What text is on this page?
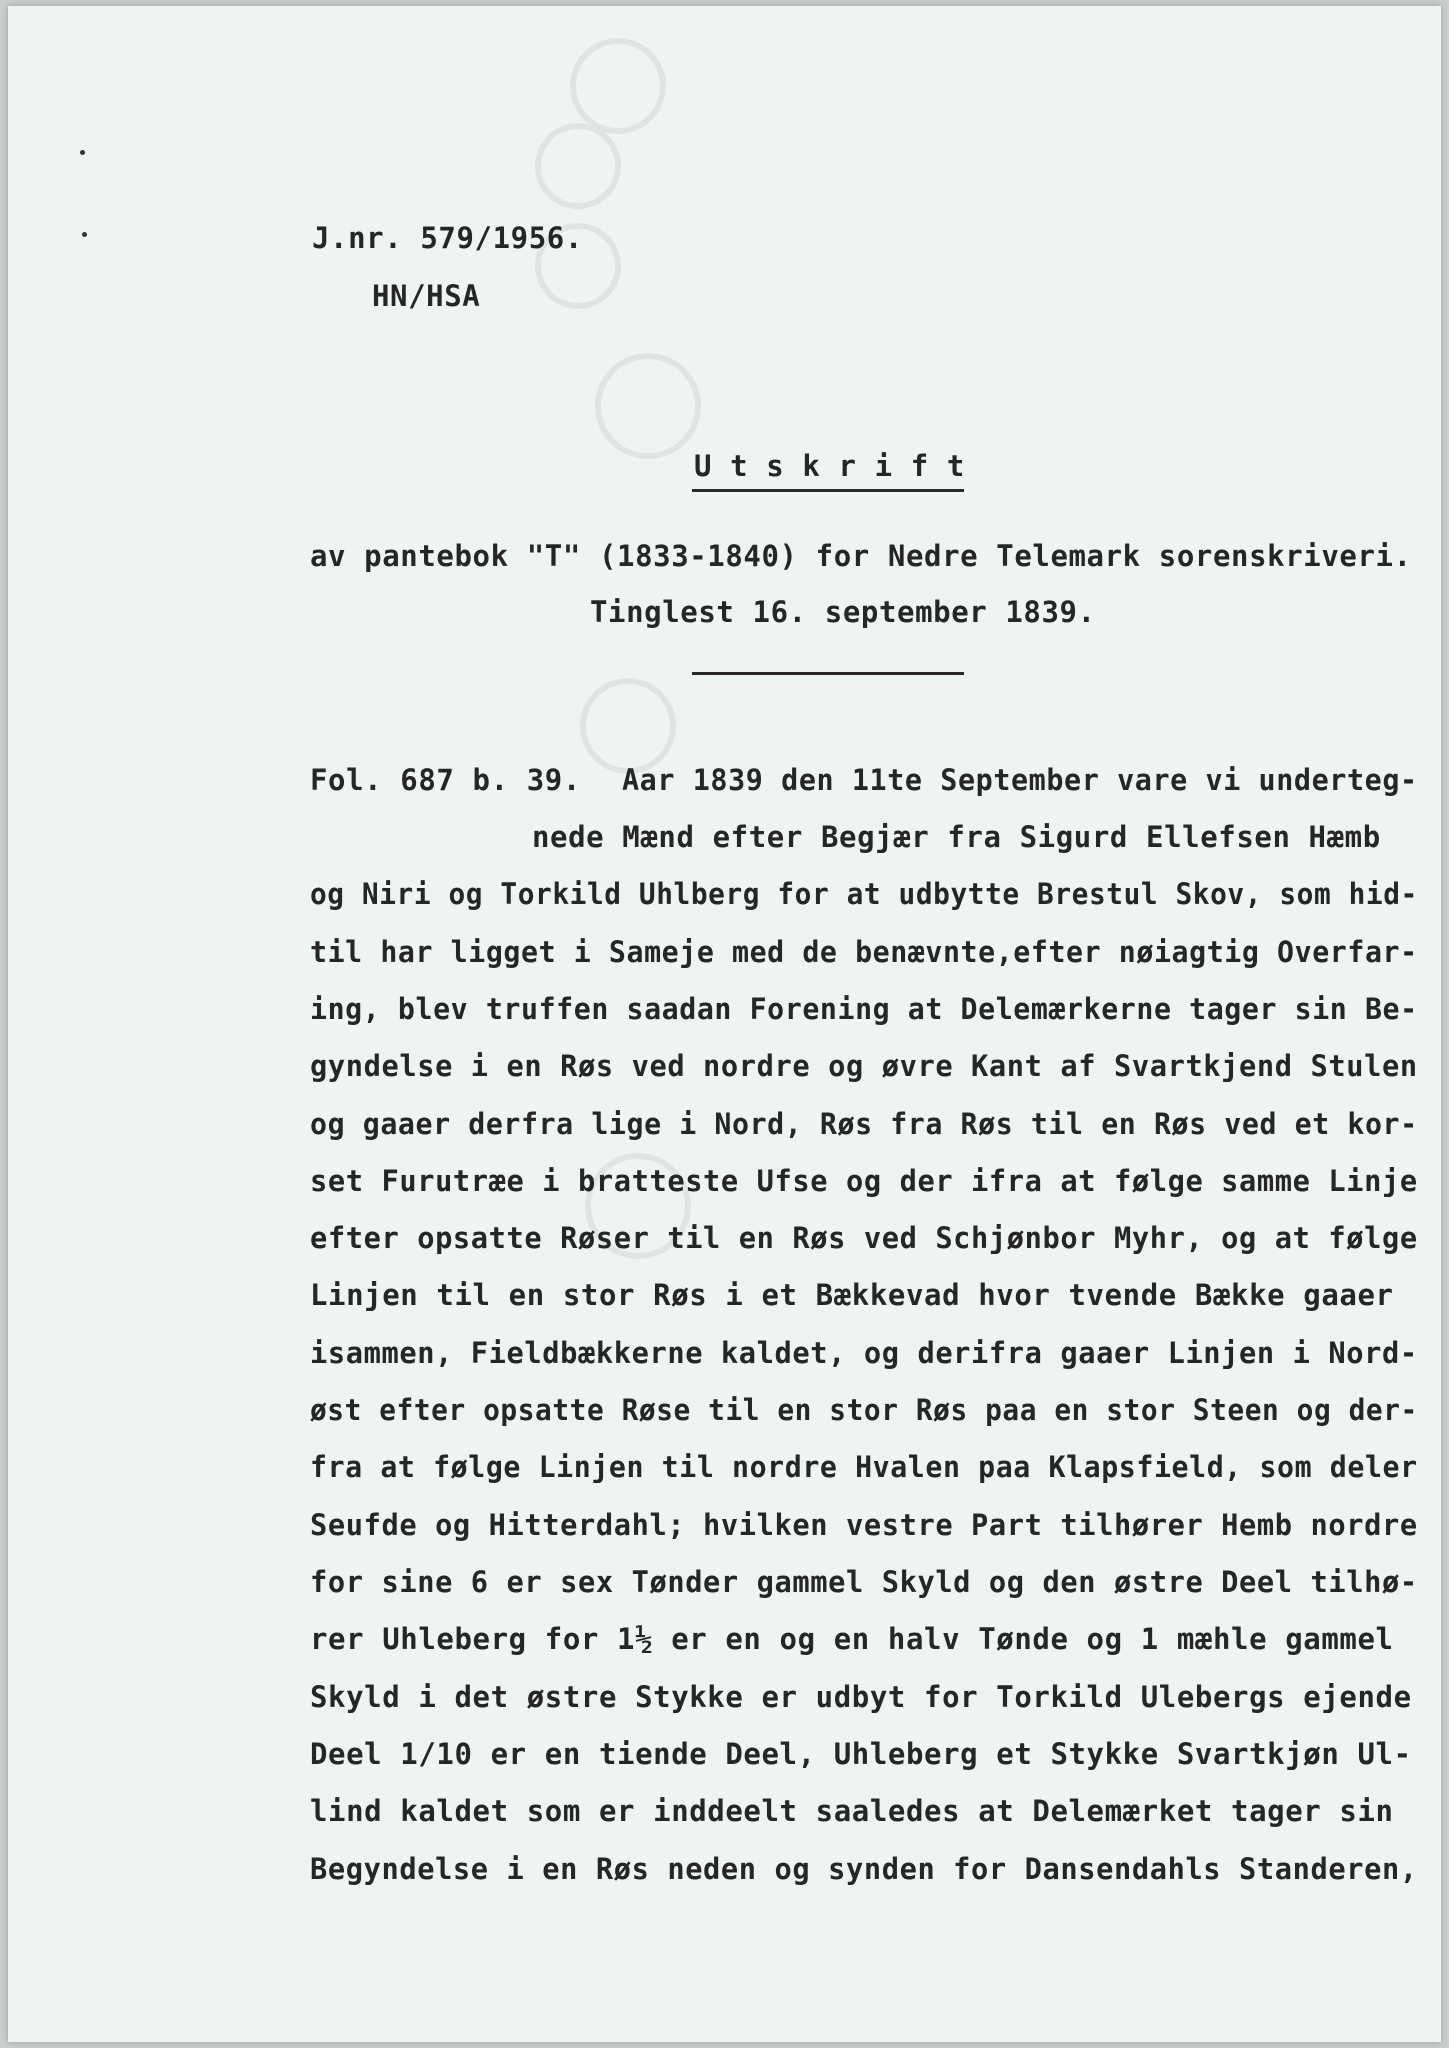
J.nr. 579/1956.
HN/HSA
U t s k r i f t
av pantebok "T" (1833-1840) for Nedre Telemark sorenskriveri.
Tinglest 16. september 1839.
Fol. 687 b. 39. Aar 1839 den 11te September vare vi underteg-
nede Mænd efter Begjær fra Sigurd Ellefsen Hæmb
og Niri og Torkild Uhlberg for at udbytte Brestul Skov, som hid-
til har ligget i Sameje med de benævnte,efter nøiagtig Overfar-
ing, blev truffen saadan Forening at Delemærkerne tager sin Be-
gyndelse i en Røs ved nordre og øvre Kant af Svartkjend Stulen
og gaaer derfra lige i Nord, Røs fra Røs til en Røs ved et kor-
set Furutræe i bratteste Ufse og der ifra at følge samme Linje
efter opsatte Røser til en Røs ved Schjønbor Myhr, og at følge
Linjen til en stor Røs i et Bækkevad hvor tvende Bække gaaer
isammen, Fieldbækkerne kaldet, og derifra gaaer Linjen i Nord-
øst efter opsatte Røse til en stor Røs paa en stor Steen og der-
fra at følge Linjen til nordre Hvalen paa Klapsfield, som deler
Seufde og Hitterdahl; hvilken vestre Part tilhører Hemb nordre
for sine 6 er sex Tønder gammel Skyld og den østre Deel tilhø-
rer Uhleberg for 1½ er en og en halv Tønde og 1 mæhle gammel
Skyld i det østre Stykke er udbyt for Torkild Ulebergs ejende
Deel 1/10 er en tiende Deel, Uhleberg et Stykke Svartkjøn Ul-
lind kaldet som er inddeelt saaledes at Delemærket tager sin
Begyndelse i en Røs neden og synden for Dansendahls Standeren,
